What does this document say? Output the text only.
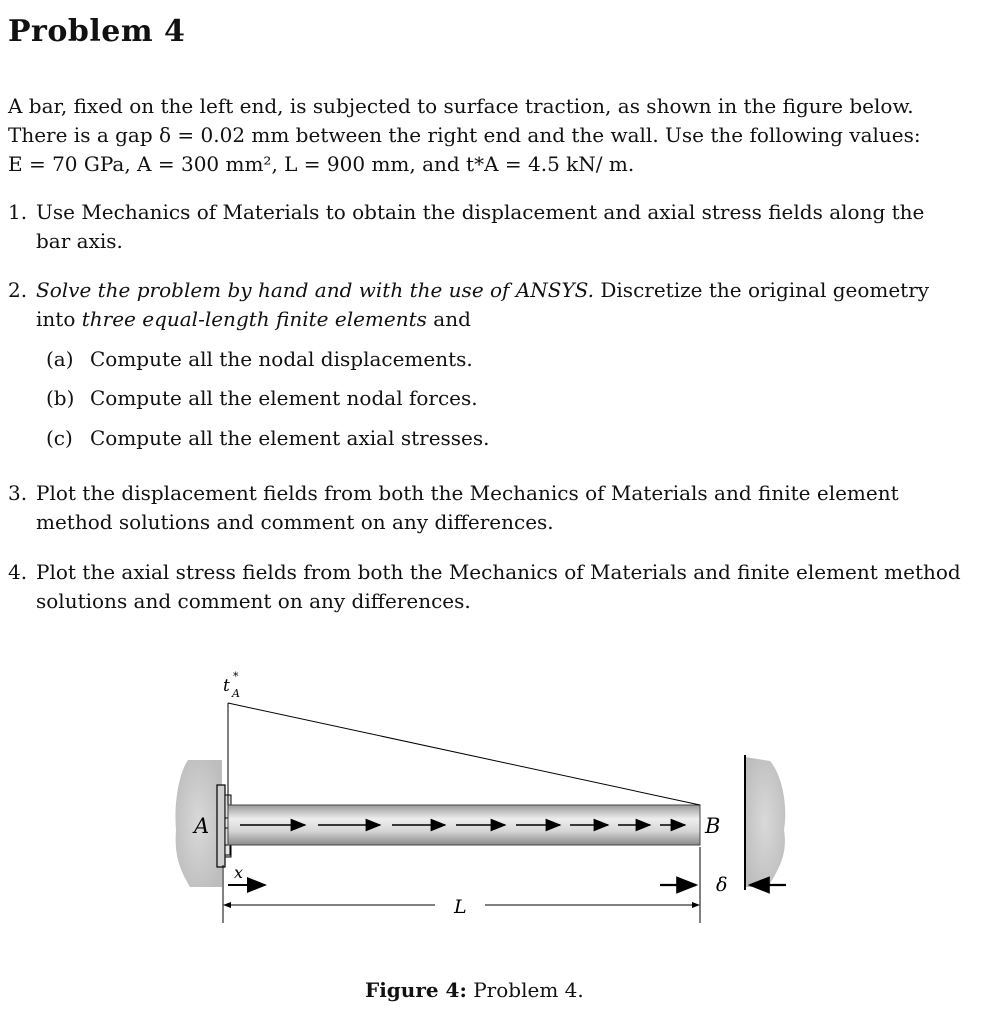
Problem 4
A bar, fixed on the left end, is subjected to surface traction, as shown in the figure below.
There is a gap δ = 0.02 mm between the right end and the wall. Use the following values:
E = 70 GPa, A = 300 mm², L = 900 mm, and t*A = 4.5 kN/ m.
1. Use Mechanics of Materials to obtain the displacement and axial stress fields along the
bar axis.
2. Solve the problem by hand and with the use of ANSYS. Discretize the original geometry
into three equal-length finite elements and
(a) Compute all the nodal displacements.
(b) Compute all the element nodal forces.
(c) Compute all the element axial stresses.
3. Plot the displacement fields from both the Mechanics of Materials and finite element
method solutions and comment on any differences.
4. Plot the axial stress fields from both the Mechanics of Materials and finite element method
solutions and comment on any differences.
t *
A
A	B
x
L
δ
Figure 4: Problem 4.
